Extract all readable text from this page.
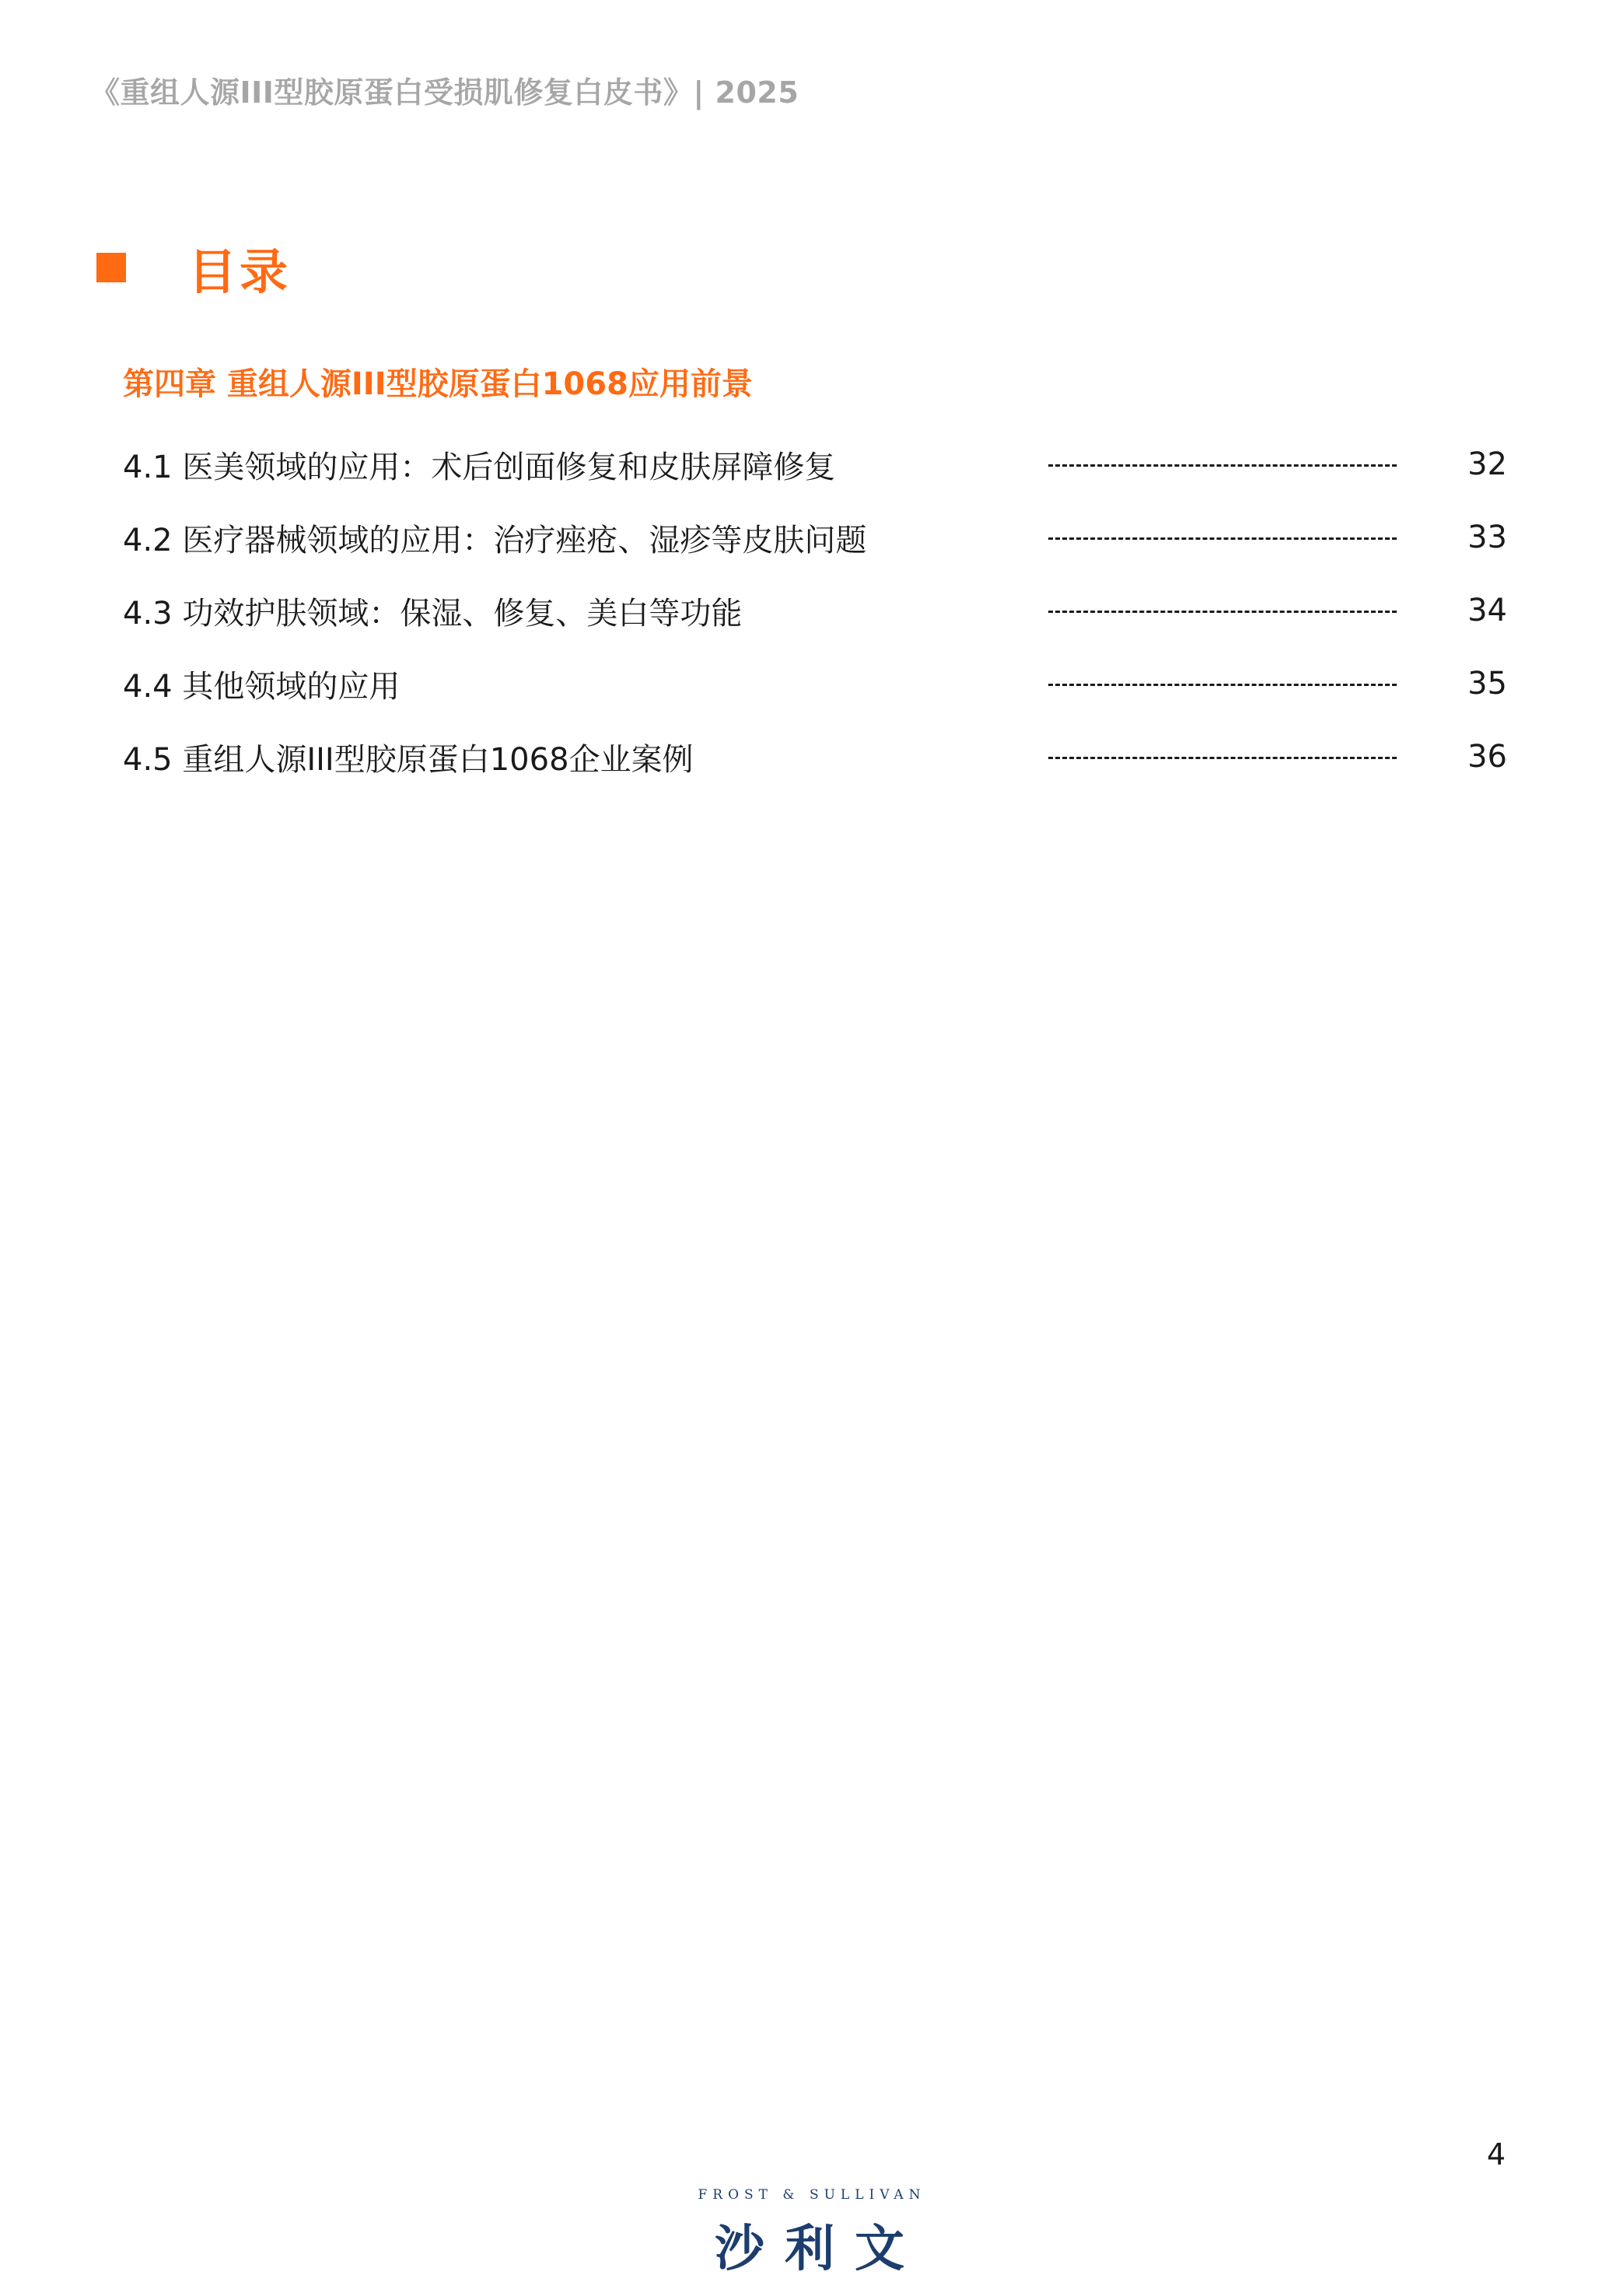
《重组人源III型胶原蛋白受损肌修复白皮书》| 2025
目录
第四章 重组人源III型胶原蛋白1068应用前景
4.1 医美领域的应用：术后创面修复和皮肤屏障修复	32
4.2 医疗器械领域的应用：治疗痤疮、湿疹等皮肤问题	33
4.3 功效护肤领域：保湿、修复、美白等功能	34
4.4 其他领域的应用	35
4.5 重组人源III型胶原蛋白1068企业案例	36
4
FROST & SULLIVAN
沙利文
